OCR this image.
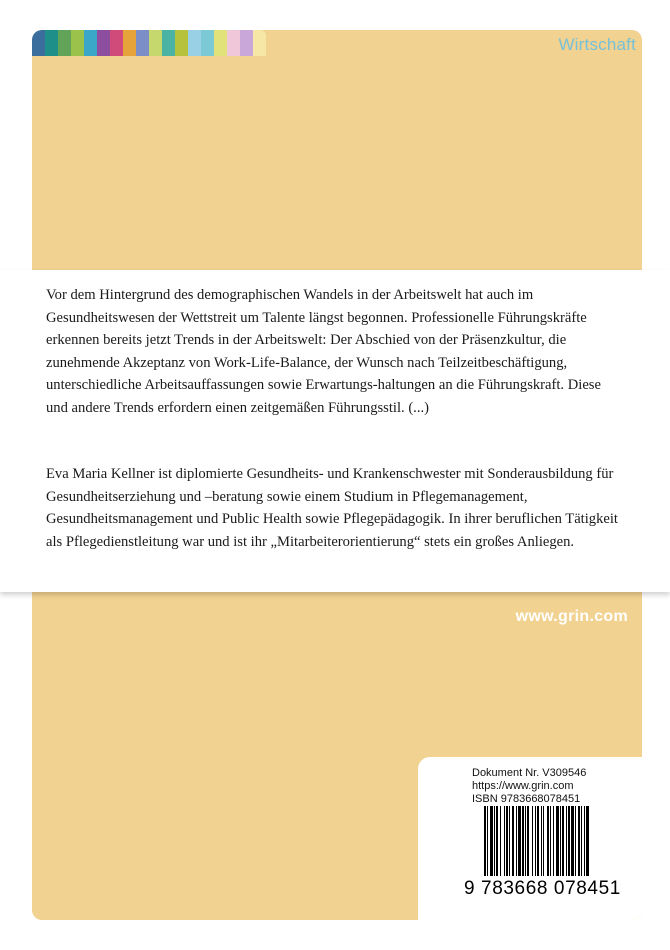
Wirtschaft

Vor dem Hintergrund des demographischen Wandels in der Arbeitswelt hat auch im Gesundheitswesen der Wettstreit um Talente längst begonnen. Professionelle Führungskräfte erkennen bereits jetzt Trends in der Arbeitswelt: Der Abschied von der Präsenzkultur, die zunehmende Akzeptanz von Work-Life-Balance, der Wunsch nach Teilzeitbeschäftigung, unterschiedliche Arbeitsauffassungen sowie Erwartungs-haltungen an die Führungskraft. Diese und andere Trends erfordern einen zeitgemäßen Führungsstil. (...)

Eva Maria Kellner ist diplomierte Gesundheits- und Krankenschwester mit Sonderausbildung für Gesundheitserziehung und –beratung sowie einem Studium in Pflegemanagement, Gesundheitsmanagement und Public Health sowie Pflegepädagogik. In ihrer beruflichen Tätigkeit als Pflegedienstleitung war und ist ihr „Mitarbeiterorientierung“ stets ein großes Anliegen.

www.grin.com
Dokument Nr. V309546
https://www.grin.com
ISBN 9783668078451
9 783668 078451
